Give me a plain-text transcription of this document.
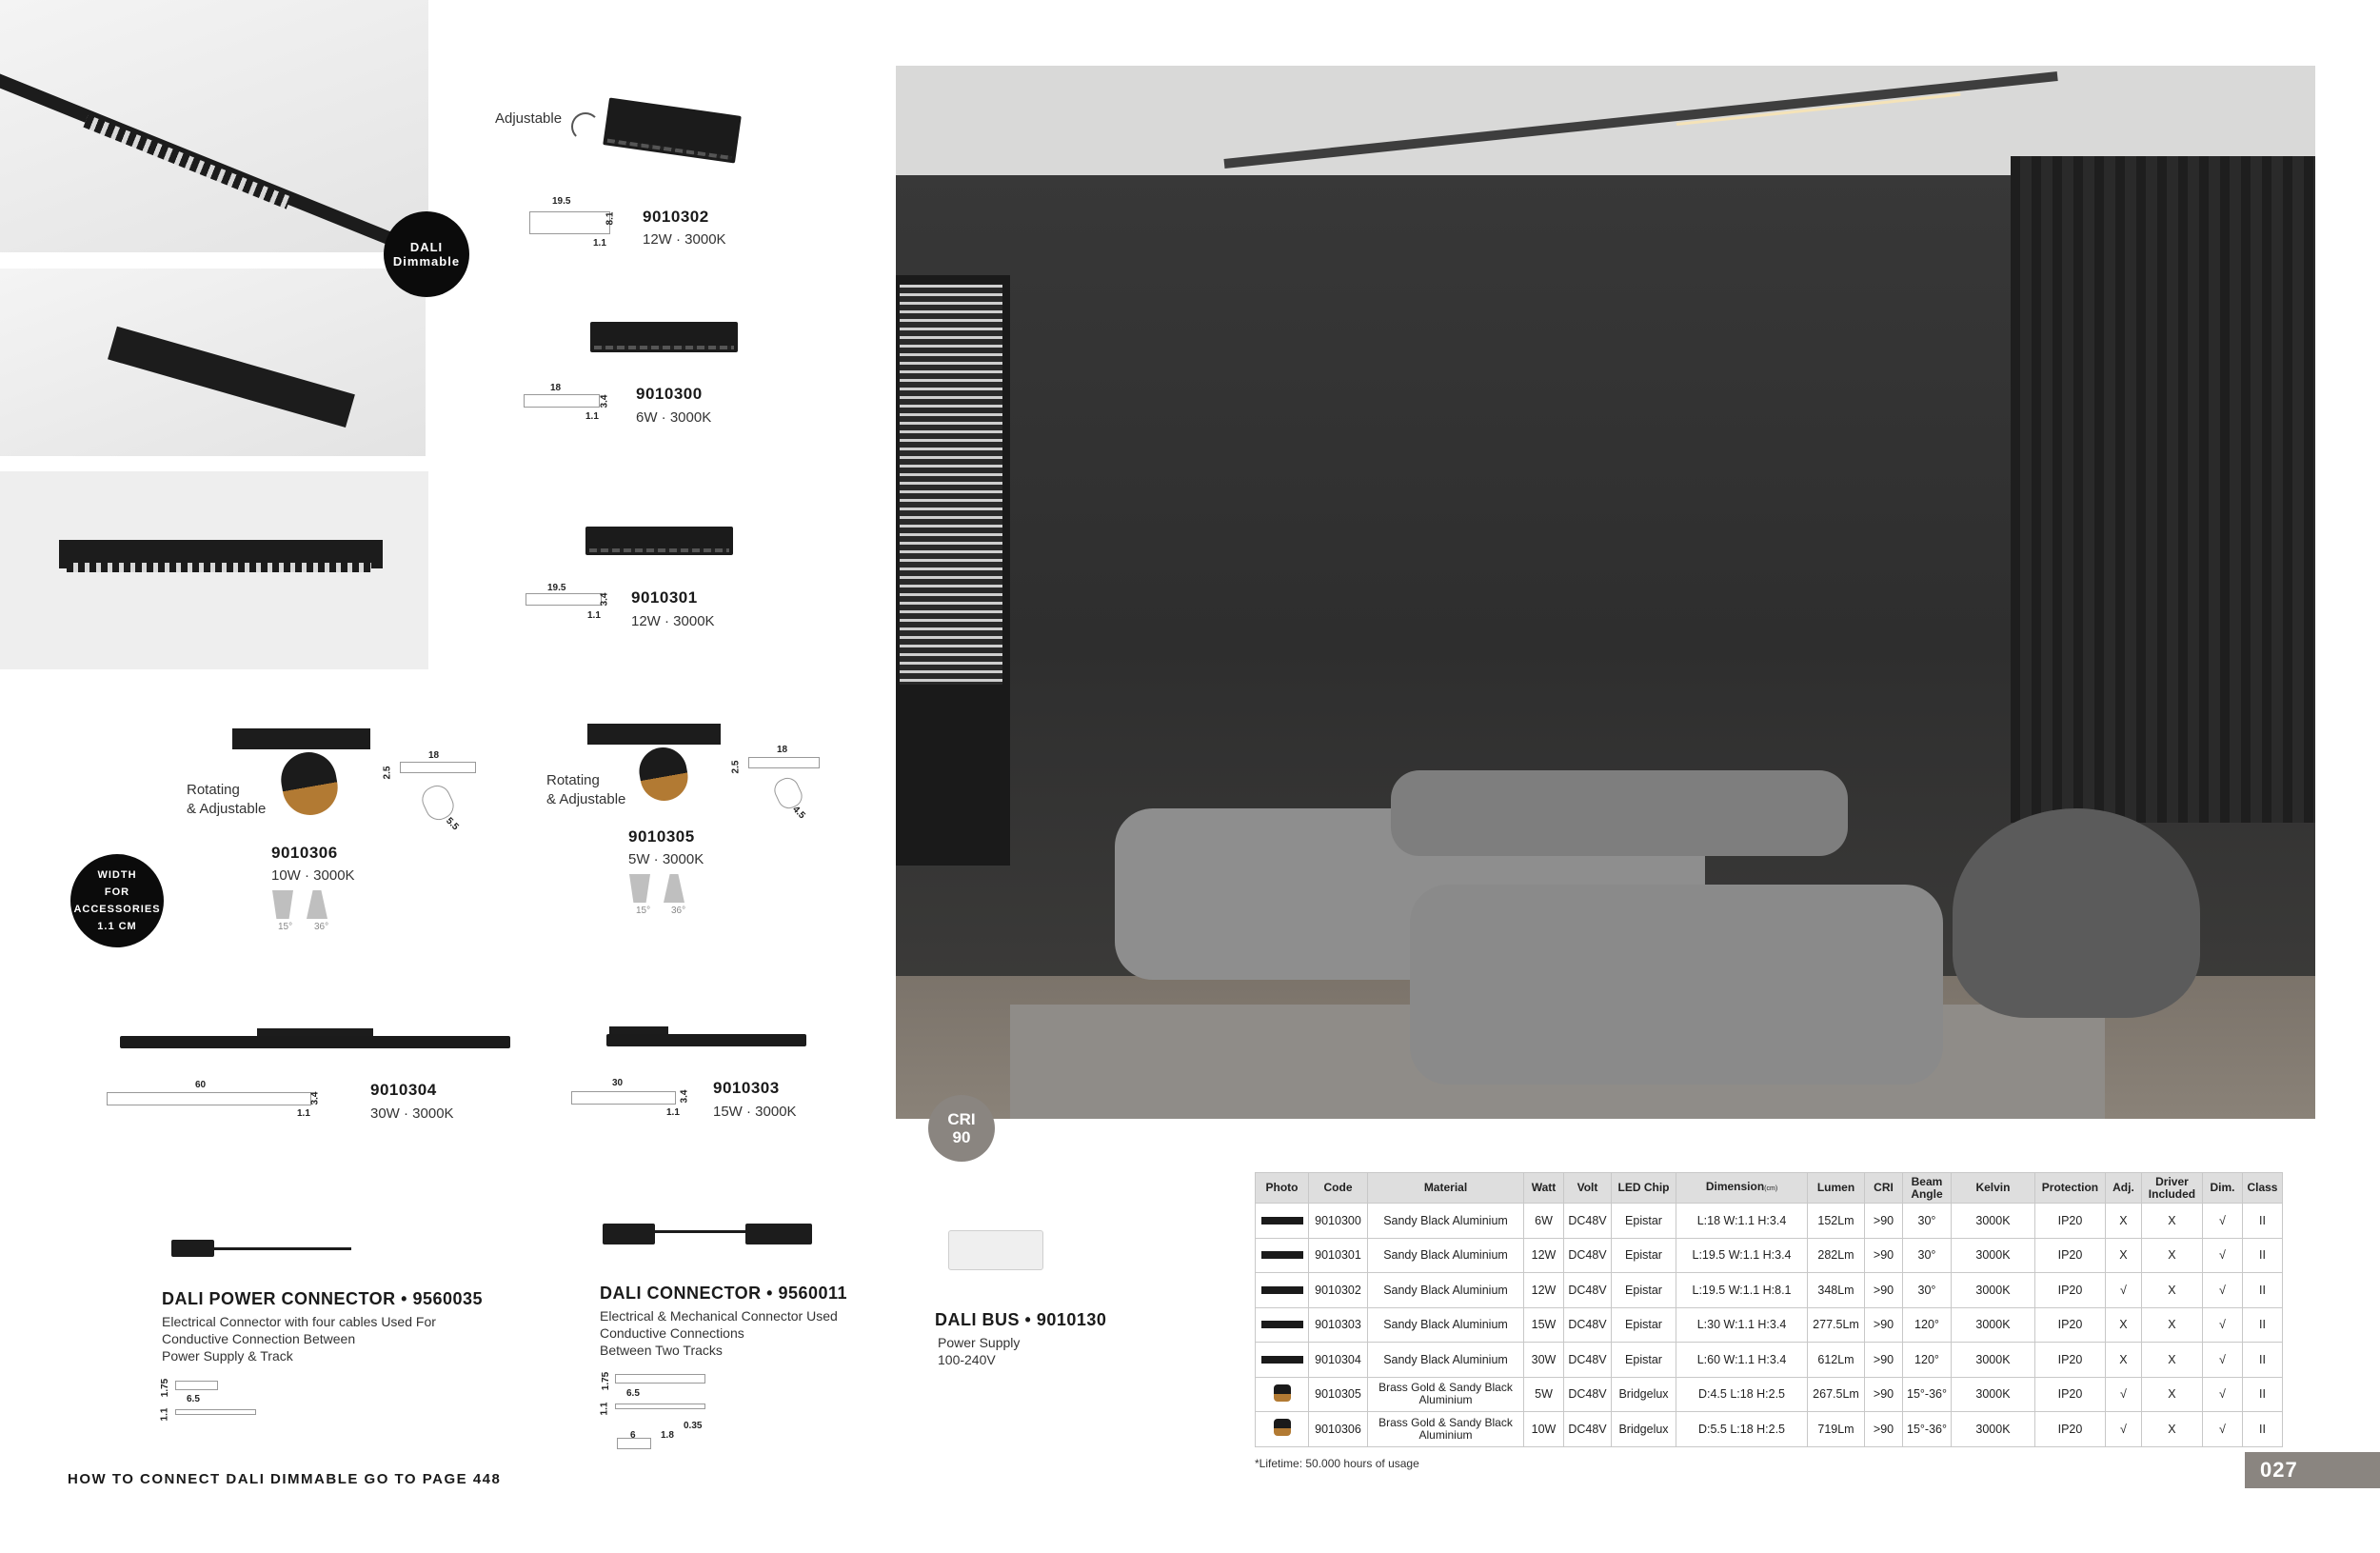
DALI
Dimmable
Adjustable
19.5
8.1
1.1
9010302
12W · 3000K
18
3.4
1.1
9010300
6W · 3000K
19.5
3.4
1.1
9010301
12W · 3000K
Rotating
& Adjustable
18
2.5
5.5
9010306
10W · 3000K
15° 36°
Rotating
& Adjustable
18
2.5
4.5
9010305
5W · 3000K
15° 36°
WIDTH
FOR
ACCESSORIES
1.1 CM
60
3.4
1.1
9010304
30W · 3000K
30
3.4
1.1
9010303
15W · 3000K
DALI POWER CONNECTOR • 9560035
Electrical Connector with four cables Used For
Conductive Connection Between
Power Supply & Track
1.75
6.5
1.1
DALI CONNECTOR • 9560011
Electrical & Mechanical Connector Used
Conductive Connections
Between Two Tracks
1.75
6.5
1.1
0.35
6	1.8
DALI BUS • 9010130
Power Supply
100-240V
HOW TO CONNECT DALI DIMMABLE GO TO PAGE 448
CRI
90
Photo	Code	Material	Watt	Volt	LED Chip	Dimension(cm)	Lumen	CRI	Beam Angle	Kelvin	Protection	Adj.	Driver Included	Dim.	Class
	9010300	Sandy Black Aluminium	6W	DC48V	Epistar	L:18 W:1.1 H:3.4	152Lm	>90	30°	3000K	IP20	X	X	√	II
	9010301	Sandy Black Aluminium	12W	DC48V	Epistar	L:19.5 W:1.1 H:3.4	282Lm	>90	30°	3000K	IP20	X	X	√	II
	9010302	Sandy Black Aluminium	12W	DC48V	Epistar	L:19.5 W:1.1 H:8.1	348Lm	>90	30°	3000K	IP20	√	X	√	II
	9010303	Sandy Black Aluminium	15W	DC48V	Epistar	L:30 W:1.1 H:3.4	277.5Lm	>90	120°	3000K	IP20	X	X	√	II
	9010304	Sandy Black Aluminium	30W	DC48V	Epistar	L:60 W:1.1 H:3.4	612Lm	>90	120°	3000K	IP20	X	X	√	II
	9010305	Brass Gold & Sandy Black Aluminium	5W	DC48V	Bridgelux	D:4.5 L:18 H:2.5	267.5Lm	>90	15°-36°	3000K	IP20	√	X	√	II
	9010306	Brass Gold & Sandy Black Aluminium	10W	DC48V	Bridgelux	D:5.5 L:18 H:2.5	719Lm	>90	15°-36°	3000K	IP20	√	X	√	II
*Lifetime: 50.000 hours of usage	027
